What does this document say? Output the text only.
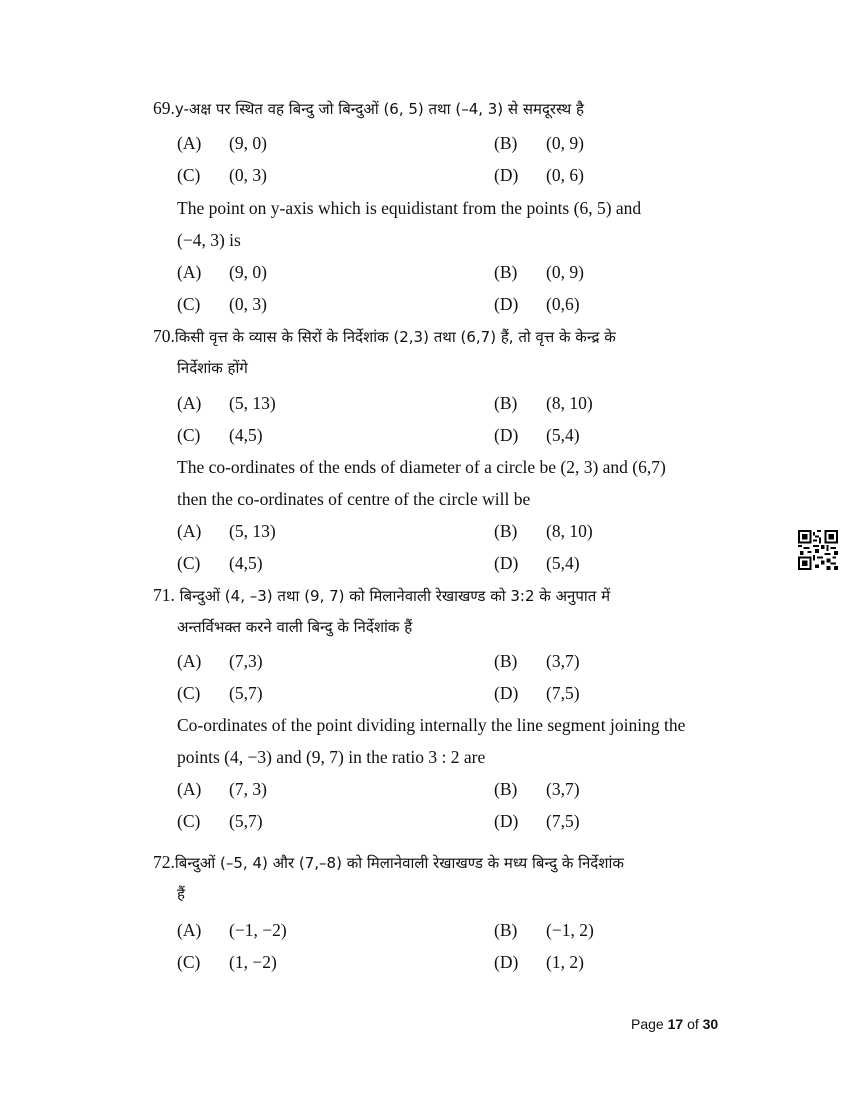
69.y-अक्ष पर स्थित वह बिन्दु जो बिन्दुओं (6, 5) तथा (–4, 3) से समदूरस्थ है
(A) (9, 0)	(B) (0, 9)
(C) (0, 3)	(D) (0, 6)
The point on y-axis which is equidistant from the points (6, 5) and
(−4, 3) is
(A) (9, 0)	(B) (0, 9)
(C) (0, 3)	(D) (0,6)
70.किसी वृत्त के व्यास के सिरों के निर्देशांक (2,3) तथा (6,7) हैं, तो वृत्त के केन्द्र के
निर्देशांक होंगे
(A) (5, 13)	(B) (8, 10)
(C) (4,5)	(D) (5,4)
The co-ordinates of the ends of diameter of a circle be (2, 3) and (6,7)
then the co-ordinates of centre of the circle will be
(A) (5, 13)	(B) (8, 10)
(C) (4,5)	(D) (5,4)
71. बिन्दुओं (4, –3) तथा (9, 7) को मिलानेवाली रेखाखण्ड को 3:2 के अनुपात में
अन्तर्विभक्त करने वाली बिन्दु के निर्देशांक हैं
(A) (7,3)	(B) (3,7)
(C) (5,7)	(D) (7,5)
Co-ordinates of the point dividing internally the line segment joining the
points (4, −3) and (9, 7) in the ratio 3 : 2 are
(A) (7, 3)	(B) (3,7)
(C) (5,7)	(D) (7,5)
72.बिन्दुओं (–5, 4) और (7,–8) को मिलानेवाली रेखाखण्ड के मध्य बिन्दु के निर्देशांक
हैं
(A) (−1, −2)	(B) (−1, 2)
(C) (1, −2)	(D) (1, 2)
Page 17 of 30
